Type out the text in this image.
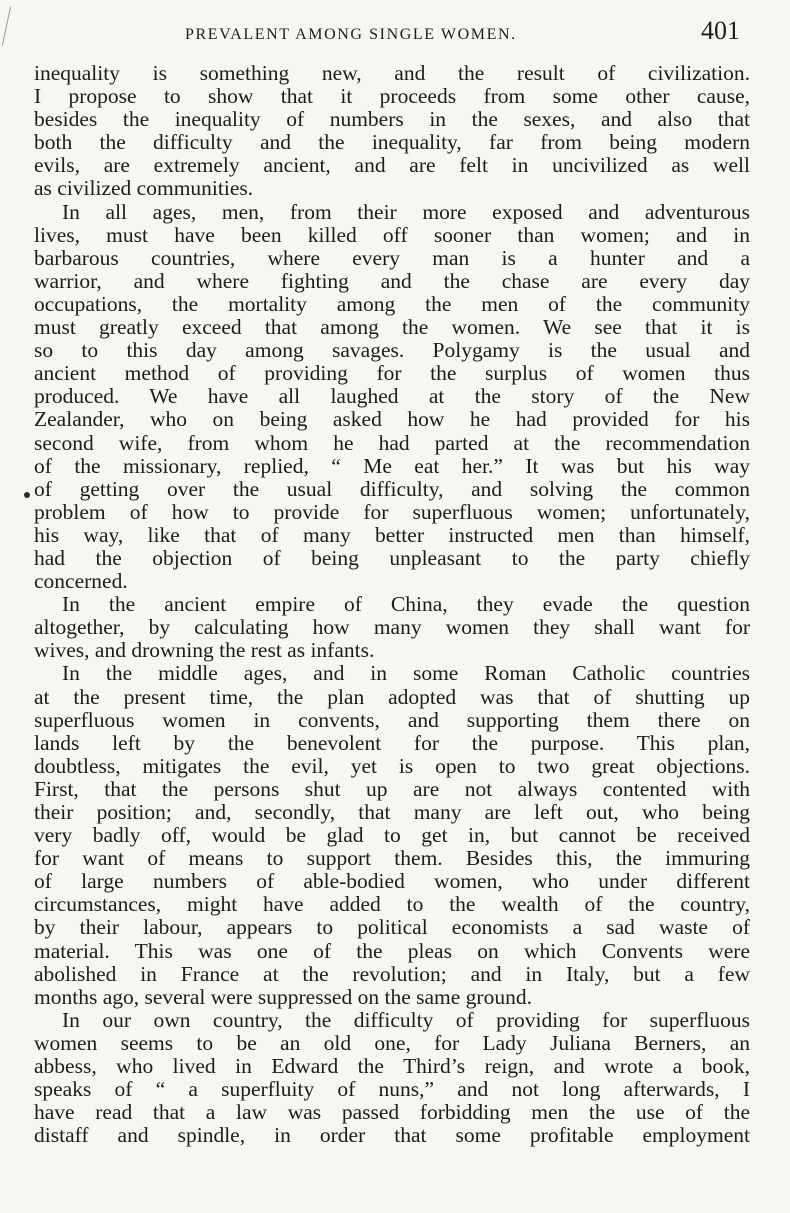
PREVALENT AMONG SINGLE WOMEN.	401
inequality is something new, and the result of civilization.
I propose to show that it proceeds from some other cause,
besides the inequality of numbers in the sexes, and also that
both the difficulty and the inequality, far from being modern
evils, are extremely ancient, and are felt in uncivilized as well
as civilized communities.
In all ages, men, from their more exposed and adventurous
lives, must have been killed off sooner than women; and in
barbarous countries, where every man is a hunter and a
warrior, and where fighting and the chase are every day
occupations, the mortality among the men of the community
must greatly exceed that among the women. We see that it is
so to this day among savages. Polygamy is the usual and
ancient method of providing for the surplus of women thus
produced. We have all laughed at the story of the New
Zealander, who on being asked how he had provided for his
second wife, from whom he had parted at the recommendation
of the missionary, replied, “ Me eat her.” It was but his way
of getting over the usual difficulty, and solving the common
problem of how to provide for superfluous women; unfortunately,
his way, like that of many better instructed men than himself,
had the objection of being unpleasant to the party chiefly
concerned.
In the ancient empire of China, they evade the question
altogether, by calculating how many women they shall want for
wives, and drowning the rest as infants.
In the middle ages, and in some Roman Catholic countries
at the present time, the plan adopted was that of shutting up
superfluous women in convents, and supporting them there on
lands left by the benevolent for the purpose. This plan,
doubtless, mitigates the evil, yet is open to two great objections.
First, that the persons shut up are not always contented with
their position; and, secondly, that many are left out, who being
very badly off, would be glad to get in, but cannot be received
for want of means to support them. Besides this, the immuring
of large numbers of able-bodied women, who under different
circumstances, might have added to the wealth of the country,
by their labour, appears to political economists a sad waste of
material. This was one of the pleas on which Convents were
abolished in France at the revolution; and in Italy, but a few
months ago, several were suppressed on the same ground.
In our own country, the difficulty of providing for superfluous
women seems to be an old one, for Lady Juliana Berners, an
abbess, who lived in Edward the Third’s reign, and wrote a book,
speaks of “ a superfluity of nuns,” and not long afterwards, I
have read that a law was passed forbidding men the use of the
distaff and spindle, in order that some profitable employment
